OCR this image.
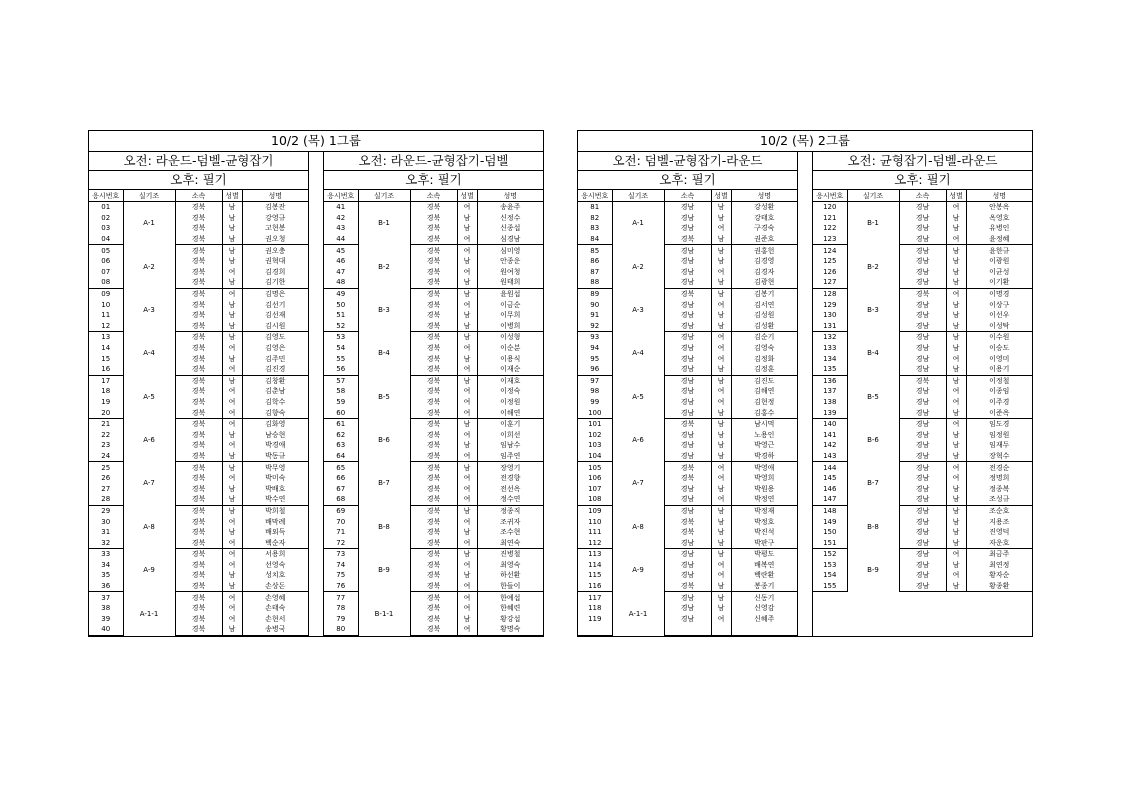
10/2 (목) 1그룹
오전: 라운드-덤벨-균형잡기
오후: 필기
응시번호	실기조	소속	성별	성명
01	A-1	경북	남	김봉잔
02		경북	남	강영규
03		경북	남	고현봉
04		경북	남	권오청
05	A-2	경북	남	권오충
06		경북	남	권혁대
07		경북	여	김경희
08		경북	남	김기한
09	A-3	경북	여	김명은
10		경북	남	김선기
11		경북	남	김선재
12		경북	남	김시원
13	A-4	경북	남	김영도
14		경북	여	김영은
15		경북	남	김주민
16		경북	여	김진경
17	A-5	경북	남	김창환
18		경북	여	김춘남
19		경북	여	김학수
20		경북	여	김향숙
21	A-6	경북	여	김화영
22		경북	남	남승현
23		경북	여	박경애
24		경북	남	박동규
25	A-7	경북	남	박무영
26		경북	여	박미숙
27		경북	남	박배호
28		경북	남	박수연
29	A-8	경북	남	박희철
30		경북	여	배막례
31		경북	남	배외득
32		경북	여	백순자
33	A-9	경북	여	서용희
34		경북	여	선영숙
35		경북	남	성치호
36		경북	남	손상돈
37	A-1-1	경북	여	손영혜
38		경북	여	손태숙
39		경북	여	손현서
40		경북	남	송병국
오전: 라운드-균형잡기-덤벨
오후: 필기
응시번호	실기조	소속	성별	성명
41	B-1	경북	여	송윤주
42		경북	남	신정수
43		경북	남	신종섭
44		경북	여	심경남
45	B-2	경북	여	심미영
46		경북	남	안종운
47		경북	여	원여청
48		경북	남	원태희
49	B-3	경북	남	윤원섭
50		경북	여	이금순
51		경북	남	이무희
52		경북	남	이병희
53	B-4	경북	남	이성형
54		경북	여	이순분
55		경북	남	이용식
56		경북	여	이재순
57	B-5	경북	남	이재호
58		경북	여	이정숙
59		경북	여	이정원
60		경북	여	이해연
61	B-6	경북	남	이훈기
62		경북	여	이희선
63		경북	남	임남수
64		경북	여	임주연
65	B-7	경북	남	장영기
66		경북	여	전경향
67		경북	여	전선옥
68		경북	여	정수연
69	B-8	경북	남	정종직
70		경북	여	조귀자
71		경북	남	조수현
72		경북	여	최연숙
73	B-9	경북	남	진병철
74		경북	여	최영숙
75		경북	남	하선환
76		경북	여	한들이
77	B-1-1	경북	여	한예섭
78		경북	여	한혜련
79		경북	남	황강섭
80		경북	여	황명숙
10/2 (목) 2그룹
오전: 덤벨-균형잡기-라운드
오후: 필기
응시번호	실기조	소속	성별	성명
81	A-1	경남	남	강성환
82		경남	남	강태호
83		경남	여	구경숙
84		경북	남	권준호
85	A-2	경남	남	권홍헌
86		경남	남	김경영
87		경남	여	김경자
88		경남	남	김광현
89	A-3	경북	남	김봉기
90		경남	여	김서연
91		경남	남	김성원
92		경남	남	김성환
93	A-4	경남	여	김순기
94		경남	여	김영숙
95		경남	여	김정화
96		경남	남	김정훈
97	A-5	경남	남	김진도
98		경남	여	김해연
99		경남	여	김현정
100		경남	남	김홍수
101	A-6	경북	남	남시먹
102		경남	남	노용인
103		경남	남	박영근
104		경남	남	박경하
105	A-7	경북	여	박영애
106		경북	여	박영희
107		경남	남	박원용
108		경남	여	박정연
109	A-8	경남	남	박정재
110		경북	남	박정호
111		경북	남	박진석
112		경남	남	박판구
113	A-9	경남	남	박평도
114		경남	여	배복연
115		경남	여	백란환
116		경북	남	봉종기
117	A-1-1	경남	남	신동기
118		경남	남	신영감
119		경남	여	신혜주

오전: 균형잡기-덤벨-라운드
오후: 필기
응시번호	실기조	소속	성별	성명
120	B-1	경남	여	안봉옥
121		경남	남	옥영호
122		경남	남	유병인
123		경남	여	윤정혜
124	B-2	경남	남	윤한규
125		경남	남	이광원
126		경남	남	이균성
127		경남	남	이기환
128	B-3	경북	여	이명경
129		경남	남	이상구
130		경남	남	이선우
131		경남	남	이성탁
132	B-4	경남	남	이수원
133		경남	남	이승도
134		경남	여	이영미
135		경남	남	이용기
136	B-5	경북	남	이정철
137		경남	여	이종임
138		경남	여	이주경
139		경남	남	이준옥
140	B-6	경남	여	임도경
141		경남	남	임정원
142		경남	남	임재두
143		경남	남	장혁수
144	B-7	경남	여	전경순
145		경남	여	정명희
146		경남	남	정종복
147		경남	남	조성규
148	B-8	경남	남	조순호
149		경남	남	지용조
150		경남	남	진영덕
151		경남	남	자운호
152	B-9	경남	여	최금주
153		경남	남	최연정
154		경남	여	황자순
155		경남	남	황종환
